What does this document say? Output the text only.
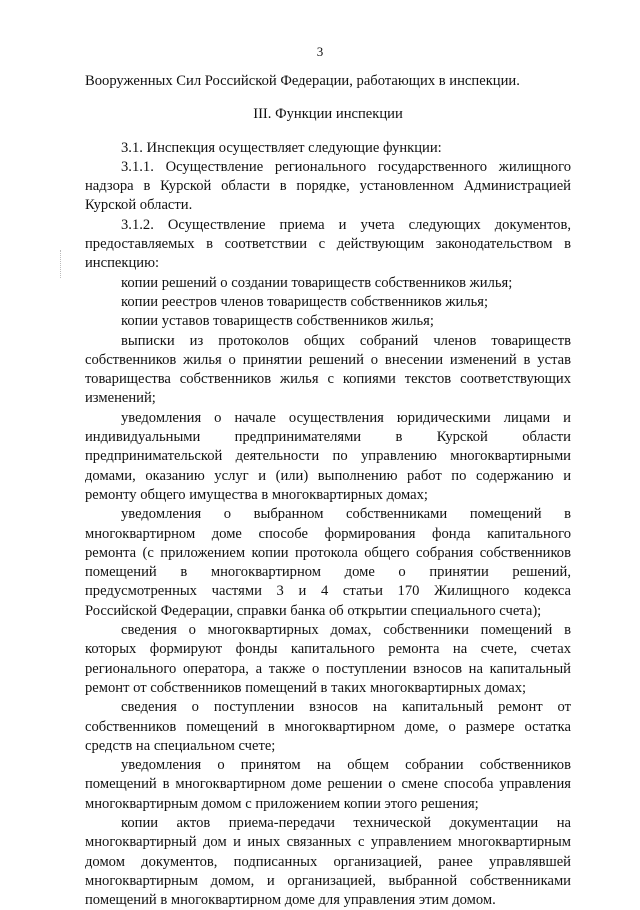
3

Вооруженных Сил Российской Федерации, работающих в инспекции.

III. Функции инспекции

3.1. Инспекция осуществляет следующие функции:

3.1.1. Осуществление регионального государственного жилищного

надзора в Курской области в порядке, установленном Администрацией

Курской области.

3.1.2. Осуществление приема и учета следующих документов,

предоставляемых в соответствии с действующим законодательством в

инспекцию:

копии решений о создании товариществ собственников жилья;

копии реестров членов товариществ собственников жилья;

копии уставов товариществ собственников жилья;

выписки из протоколов общих собраний членов товариществ

собственников жилья о принятии решений о внесении изменений в устав

товарищества собственников жилья с копиями текстов соответствующих

изменений;

уведомления о начале осуществления юридическими лицами и

индивидуальными предпринимателями в Курской области

предпринимательской деятельности по управлению многоквартирными

домами, оказанию услуг и (или) выполнению работ по содержанию и

ремонту общего имущества в многоквартирных домах;

уведомления о выбранном собственниками помещений в

многоквартирном доме способе формирования фонда капитального

ремонта (с приложением копии протокола общего собрания собственников

помещений в многоквартирном доме о принятии решений,

предусмотренных частями 3 и 4 статьи 170 Жилищного кодекса

Российской Федерации, справки банка об открытии специального счета);

сведения о многоквартирных домах, собственники помещений в

которых формируют фонды капитального ремонта на счете, счетах

регионального оператора, а также о поступлении взносов на капитальный

ремонт от собственников помещений в таких многоквартирных домах;

сведения о поступлении взносов на капитальный ремонт от

собственников помещений в многоквартирном доме, о размере остатка

средств на специальном счете;

уведомления о принятом на общем собрании собственников

помещений в многоквартирном доме решении о смене способа управления

многоквартирным домом с приложением копии этого решения;

копии актов приема-передачи технической документации на

многоквартирный дом и иных связанных с управлением многоквартирным

домом документов, подписанных организацией, ранее управлявшей

многоквартирным домом, и организацией, выбранной собственниками

помещений в многоквартирном доме для управления этим домом.
